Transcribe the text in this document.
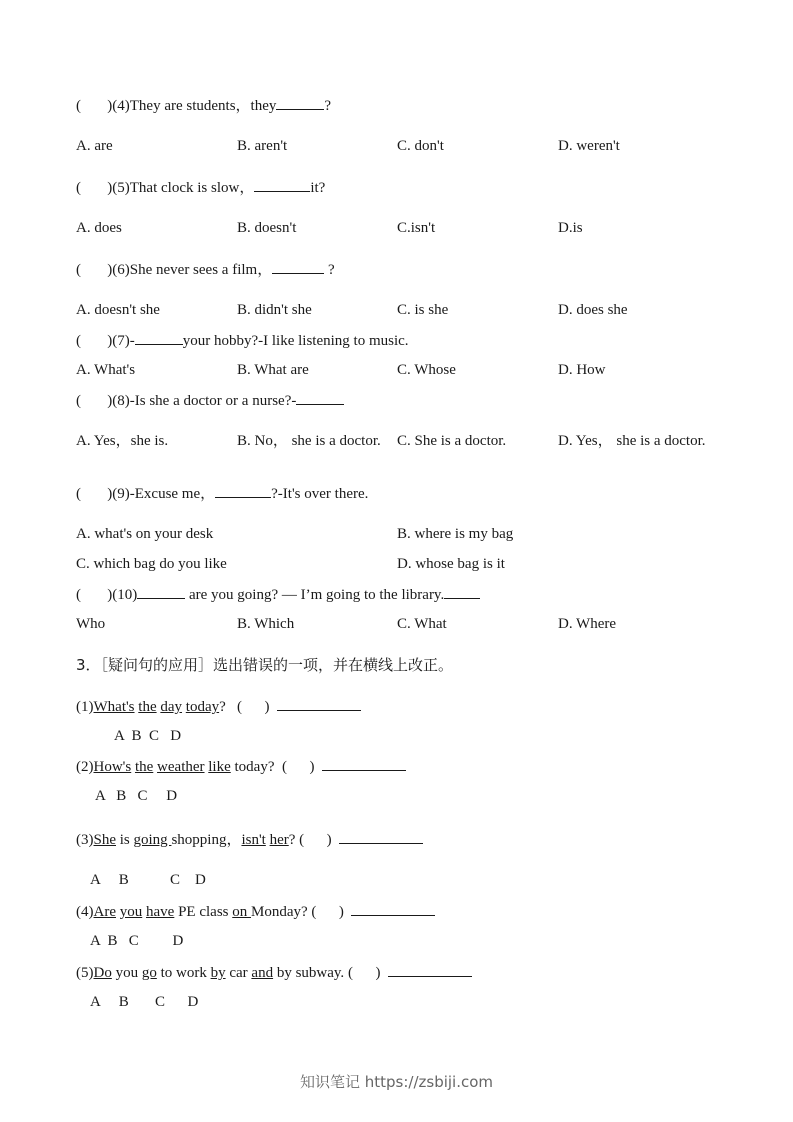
( )(4)They are students，they	?
A. are	B. aren't	C. don't	D. weren't
( )(5)That clock is slow，	it?
A. does	B. doesn't	C.isn't	D.is
( )(6)She never sees a film，	?
A. doesn't she	B. didn't she	C. is she	D. does she
( )(7)-	your hobby?-I like listening to music.
A. What's	B. What are	C. Whose	D. How
( )(8)-Is she a doctor or a nurse?-
A. Yes，she is.	B. No， she is a doctor. C. She is a doctor.	D. Yes， she is a doctor.
( )(9)-Excuse me，	?-It's over there.
A. what's on your desk	B. where is my bag
C. which bag do you like	D. whose bag is it
( )(10)	are you going? — I’m going to the library.
Who	B. Which	C. What	D. Where
3．［疑问句的应用］选出错误的一项，并在横线上改正。
(1)What's the day today? ( )
A  B  C   D
(2)How's the weather like today? ( )
A   B   C     D
(3)She is going shopping，isn't her? ( )
A     B           C    D
(4)Are you have PE class on Monday? ( )
A  B   C         D
(5)Do you go to work by car and by subway. ( )
A     B       C      D
知识笔记 https://zsbiji.com
